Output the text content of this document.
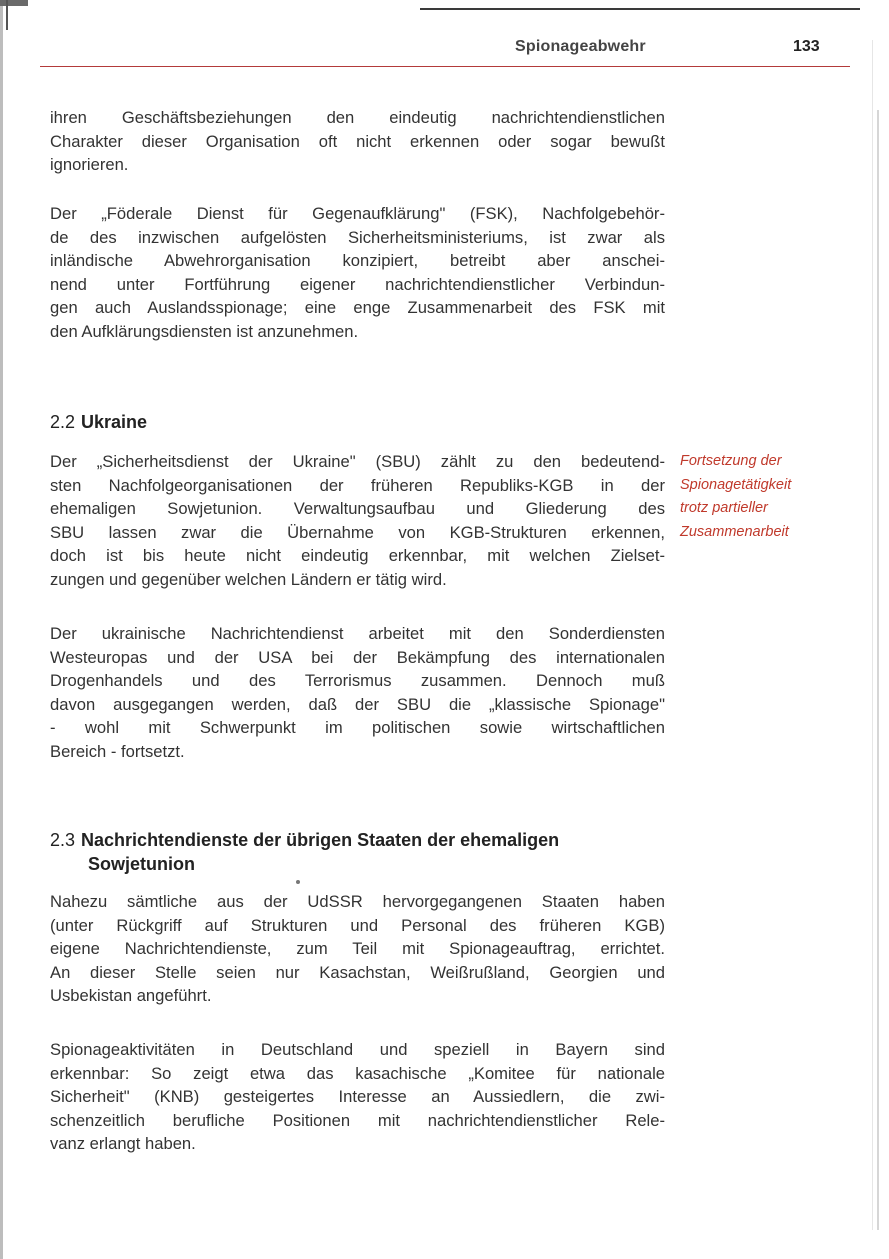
Spionageabwehr	133
ihren Geschäftsbeziehungen den eindeutig nachrichtendienstlichen
Charakter dieser Organisation oft nicht erkennen oder sogar bewußt
ignorieren.
Der „Föderale Dienst für Gegenaufklärung" (FSK), Nachfolgebehör-
de des inzwischen aufgelösten Sicherheitsministeriums, ist zwar als
inländische Abwehrorganisation konzipiert, betreibt aber anschei-
nend unter Fortführung eigener nachrichtendienstlicher Verbindun-
gen auch Auslandsspionage; eine enge Zusammenarbeit des FSK mit
den Aufklärungsdiensten ist anzunehmen.
2.2 Ukraine
Der „Sicherheitsdienst der Ukraine" (SBU) zählt zu den bedeutend-
sten Nachfolgeorganisationen der früheren Republiks-KGB in der
ehemaligen Sowjetunion. Verwaltungsaufbau und Gliederung des
SBU lassen zwar die Übernahme von KGB-Strukturen erkennen,
doch ist bis heute nicht eindeutig erkennbar, mit welchen Zielset-
zungen und gegenüber welchen Ländern er tätig wird.
Fortsetzung der
Spionagetätigkeit
trotz partieller
Zusammenarbeit
Der ukrainische Nachrichtendienst arbeitet mit den Sonderdiensten
Westeuropas und der USA bei der Bekämpfung des internationalen
Drogenhandels und des Terrorismus zusammen. Dennoch muß
davon ausgegangen werden, daß der SBU die „klassische Spionage"
- wohl mit Schwerpunkt im politischen sowie wirtschaftlichen
Bereich - fortsetzt.
2.3 Nachrichtendienste der übrigen Staaten der ehemaligen
Sowjetunion
Nahezu sämtliche aus der UdSSR hervorgegangenen Staaten haben
(unter Rückgriff auf Strukturen und Personal des früheren KGB)
eigene Nachrichtendienste, zum Teil mit Spionageauftrag, errichtet.
An dieser Stelle seien nur Kasachstan, Weißrußland, Georgien und
Usbekistan angeführt.
Spionageaktivitäten in Deutschland und speziell in Bayern sind
erkennbar: So zeigt etwa das kasachische „Komitee für nationale
Sicherheit" (KNB) gesteigertes Interesse an Aussiedlern, die zwi-
schenzeitlich berufliche Positionen mit nachrichtendienstlicher Rele-
vanz erlangt haben.
